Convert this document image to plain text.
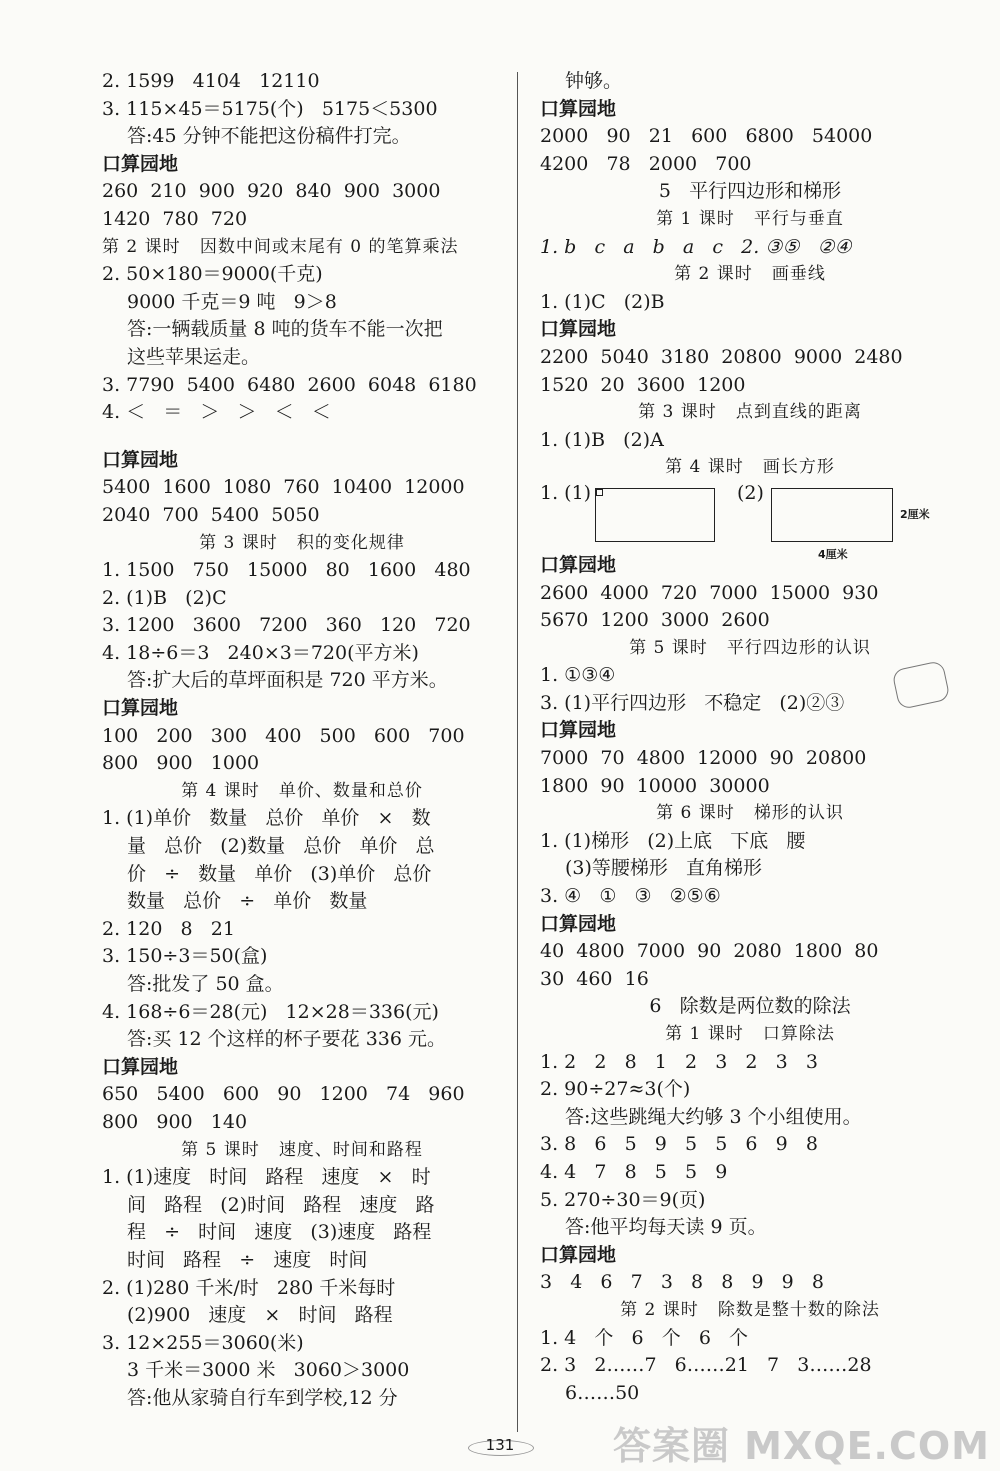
2. 1599   4104   12110
3. 115×45＝5175(个)   5175＜5300
答:45 分钟不能把这份稿件打完。
口算园地
260  210  900  920  840  900  3000
1420  780  720
第 2 课时   因数中间或末尾有 0 的笔算乘法
2. 50×180＝9000(千克)
9000 千克＝9 吨   9＞8
答:一辆载质量 8 吨的货车不能一次把
这些苹果运走。
3. 7790  5400  6480  2600  6048  6180
4. ＜   ＝   ＞   ＞   ＜   ＜
口算园地
5400  1600  1080  760  10400  12000
2040  700  5400  5050
第 3 课时   积的变化规律
1. 1500   750   15000   80   1600   480
2. (1)B   (2)C
3. 1200   3600   7200   360   120   720
4. 18÷6＝3   240×3＝720(平方米)
答:扩大后的草坪面积是 720 平方米。
口算园地
100   200   300   400   500   600   700
800   900   1000
第 4 课时   单价、数量和总价
1. (1)单价   数量   总价   单价   ×   数
量   总价   (2)数量   总价   单价   总
价   ÷   数量   单价   (3)单价   总价
数量   总价   ÷   单价   数量
2. 120   8   21
3. 150÷3＝50(盒)
答:批发了 50 盒。
4. 168÷6＝28(元)   12×28＝336(元)
答:买 12 个这样的杯子要花 336 元。
口算园地
650   5400   600   90   1200   74   960
800   900   140
第 5 课时   速度、时间和路程
1. (1)速度   时间   路程   速度   ×   时
间   路程   (2)时间   路程   速度   路
程   ÷   时间   速度   (3)速度   路程
时间   路程   ÷   速度   时间
2. (1)280 千米/时   280 千米每时
(2)900   速度   ×   时间   路程
3. 12×255＝3060(米)
3 千米＝3000 米   3060＞3000
答:他从家骑自行车到学校,12 分
钟够。
口算园地
2000   90   21   600   6800   54000
4200   78   2000   700
5   平行四边形和梯形
第 1 课时   平行与垂直
1. b   c   a   b   a   c   2. ③⑤   ②④
第 2 课时   画垂线
1. (1)C   (2)B
口算园地
2200  5040  3180  20800  9000  2480
1520  20  3600  1200
第 3 课时   点到直线的距离
1. (1)B   (2)A
第 4 课时   画长方形
1. (1)	(2)
2厘米
4厘米
口算园地
2600  4000  720  7000  15000  930
5670  1200  3000  2600
第 5 课时   平行四边形的认识
1. ①③④
3. (1)平行四边形   不稳定   (2)②③
口算园地
7000  70  4800  12000  90  20800
1800  90  10000  30000
第 6 课时   梯形的认识
1. (1)梯形   (2)上底   下底   腰
(3)等腰梯形   直角梯形
3. ④   ①   ③   ②⑤⑥
口算园地
40  4800  7000  90  2080  1800  80
30  460  16
6   除数是两位数的除法
第 1 课时   口算除法
1. 2   2   8   1   2   3   2   3   3
2. 90÷27≈3(个)
答:这些跳绳大约够 3 个小组使用。
3. 8   6   5   9   5   5   6   9   8
4. 4   7   8   5   5   9
5. 270÷30＝9(页)
答:他平均每天读 9 页。
口算园地
3   4   6   7   3   8   8   9   9   8
第 2 课时   除数是整十数的除法
1. 4   个   6   个   6   个
2. 3   2……7   6……21   7   3……28
6……50
131	答案圈 MXQE.COM
